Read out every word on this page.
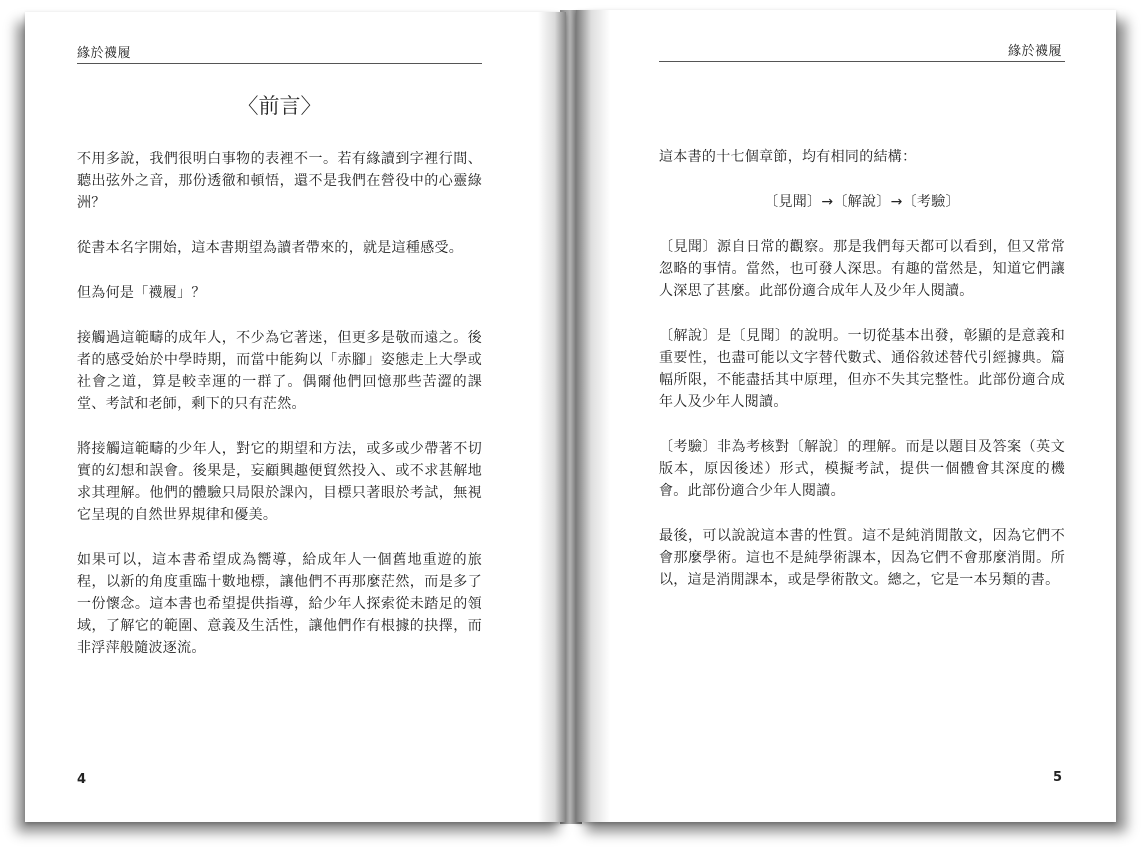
緣於襪履
〈前言〉

不用多說，我們很明白事物的表裡不一。若有緣讀到字裡行間、聽出弦外之音，那份透徹和頓悟，還不是我們在營役中的心靈綠洲？

從書本名字開始，這本書期望為讀者帶來的，就是這種感受。

但為何是「襪履」？

接觸過這範疇的成年人，不少為它著迷，但更多是敬而遠之。後者的感受始於中學時期，而當中能夠以「赤腳」姿態走上大學或社會之道，算是較幸運的一群了。偶爾他們回憶那些苦澀的課堂、考試和老師，剩下的只有茫然。

將接觸這範疇的少年人，對它的期望和方法，或多或少帶著不切實的幻想和誤會。後果是，妄顧興趣便貿然投入、或不求甚解地求其理解。他們的體驗只局限於課內，目標只著眼於考試，無視它呈現的自然世界規律和優美。

如果可以，這本書希望成為嚮導，給成年人一個舊地重遊的旅程，以新的角度重臨十數地標，讓他們不再那麼茫然，而是多了一份懷念。這本書也希望提供指導，給少年人探索從未踏足的領域，了解它的範圍、意義及生活性，讓他們作有根據的抉擇，而非浮萍般隨波逐流。

4
緣於襪履

這本書的十七個章節，均有相同的結構：

〔見聞〕→〔解說〕→〔考驗〕

〔見聞〕源自日常的觀察。那是我們每天都可以看到，但又常常忽略的事情。當然，也可發人深思。有趣的當然是，知道它們讓人深思了甚麼。此部份適合成年人及少年人閱讀。

〔解說〕是〔見聞〕的說明。一切從基本出發，彰顯的是意義和重要性，也盡可能以文字替代數式、通俗敘述替代引經據典。篇幅所限，不能盡括其中原理，但亦不失其完整性。此部份適合成年人及少年人閱讀。

〔考驗〕非為考核對〔解說〕的理解。而是以題目及答案（英文版本，原因後述）形式，模擬考試，提供一個體會其深度的機會。此部份適合少年人閱讀。

最後，可以說說這本書的性質。這不是純消閒散文，因為它們不會那麼學術。這也不是純學術課本，因為它們不會那麼消閒。所以，這是消閒課本，或是學術散文。總之，它是一本另類的書。

5
